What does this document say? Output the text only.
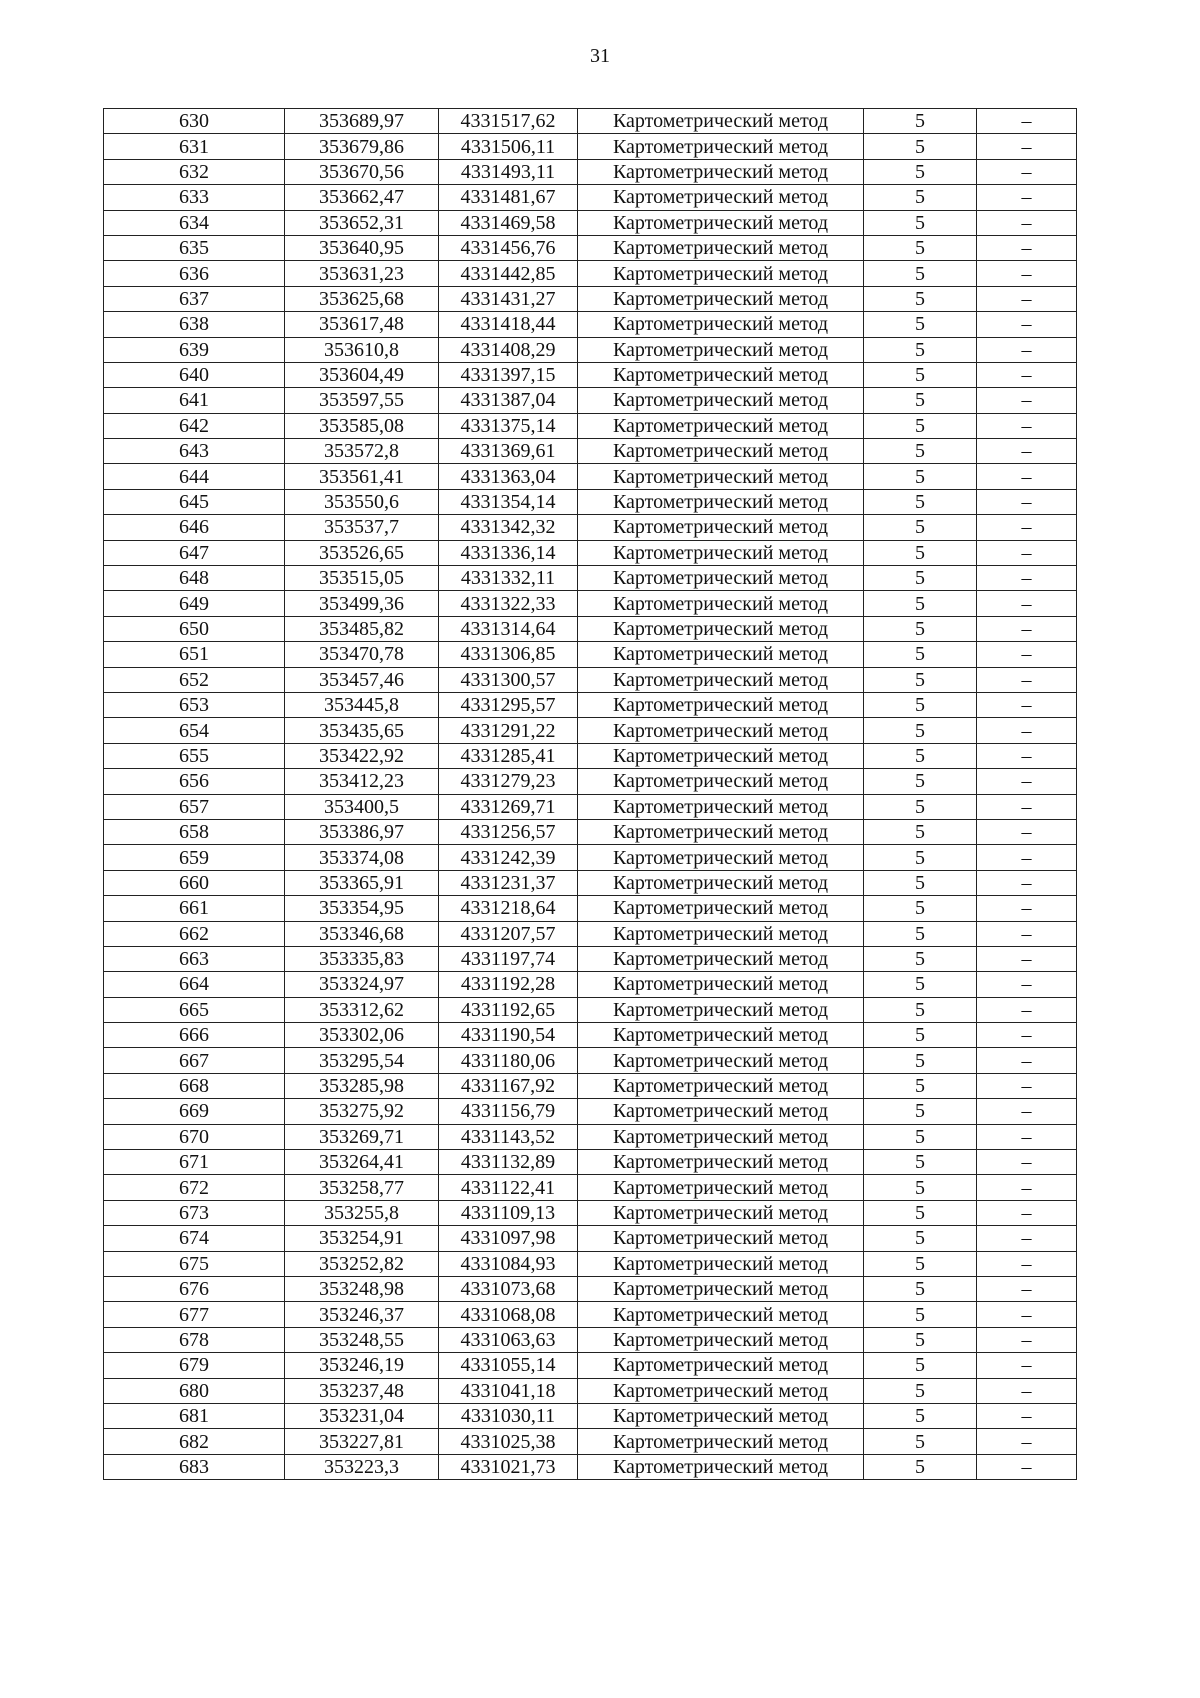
31
630	353689,97	4331517,62	Картометрический метод	5	–
631	353679,86	4331506,11	Картометрический метод	5	–
632	353670,56	4331493,11	Картометрический метод	5	–
633	353662,47	4331481,67	Картометрический метод	5	–
634	353652,31	4331469,58	Картометрический метод	5	–
635	353640,95	4331456,76	Картометрический метод	5	–
636	353631,23	4331442,85	Картометрический метод	5	–
637	353625,68	4331431,27	Картометрический метод	5	–
638	353617,48	4331418,44	Картометрический метод	5	–
639	353610,8	4331408,29	Картометрический метод	5	–
640	353604,49	4331397,15	Картометрический метод	5	–
641	353597,55	4331387,04	Картометрический метод	5	–
642	353585,08	4331375,14	Картометрический метод	5	–
643	353572,8	4331369,61	Картометрический метод	5	–
644	353561,41	4331363,04	Картометрический метод	5	–
645	353550,6	4331354,14	Картометрический метод	5	–
646	353537,7	4331342,32	Картометрический метод	5	–
647	353526,65	4331336,14	Картометрический метод	5	–
648	353515,05	4331332,11	Картометрический метод	5	–
649	353499,36	4331322,33	Картометрический метод	5	–
650	353485,82	4331314,64	Картометрический метод	5	–
651	353470,78	4331306,85	Картометрический метод	5	–
652	353457,46	4331300,57	Картометрический метод	5	–
653	353445,8	4331295,57	Картометрический метод	5	–
654	353435,65	4331291,22	Картометрический метод	5	–
655	353422,92	4331285,41	Картометрический метод	5	–
656	353412,23	4331279,23	Картометрический метод	5	–
657	353400,5	4331269,71	Картометрический метод	5	–
658	353386,97	4331256,57	Картометрический метод	5	–
659	353374,08	4331242,39	Картометрический метод	5	–
660	353365,91	4331231,37	Картометрический метод	5	–
661	353354,95	4331218,64	Картометрический метод	5	–
662	353346,68	4331207,57	Картометрический метод	5	–
663	353335,83	4331197,74	Картометрический метод	5	–
664	353324,97	4331192,28	Картометрический метод	5	–
665	353312,62	4331192,65	Картометрический метод	5	–
666	353302,06	4331190,54	Картометрический метод	5	–
667	353295,54	4331180,06	Картометрический метод	5	–
668	353285,98	4331167,92	Картометрический метод	5	–
669	353275,92	4331156,79	Картометрический метод	5	–
670	353269,71	4331143,52	Картометрический метод	5	–
671	353264,41	4331132,89	Картометрический метод	5	–
672	353258,77	4331122,41	Картометрический метод	5	–
673	353255,8	4331109,13	Картометрический метод	5	–
674	353254,91	4331097,98	Картометрический метод	5	–
675	353252,82	4331084,93	Картометрический метод	5	–
676	353248,98	4331073,68	Картометрический метод	5	–
677	353246,37	4331068,08	Картометрический метод	5	–
678	353248,55	4331063,63	Картометрический метод	5	–
679	353246,19	4331055,14	Картометрический метод	5	–
680	353237,48	4331041,18	Картометрический метод	5	–
681	353231,04	4331030,11	Картометрический метод	5	–
682	353227,81	4331025,38	Картометрический метод	5	–
683	353223,3	4331021,73	Картометрический метод	5	–
